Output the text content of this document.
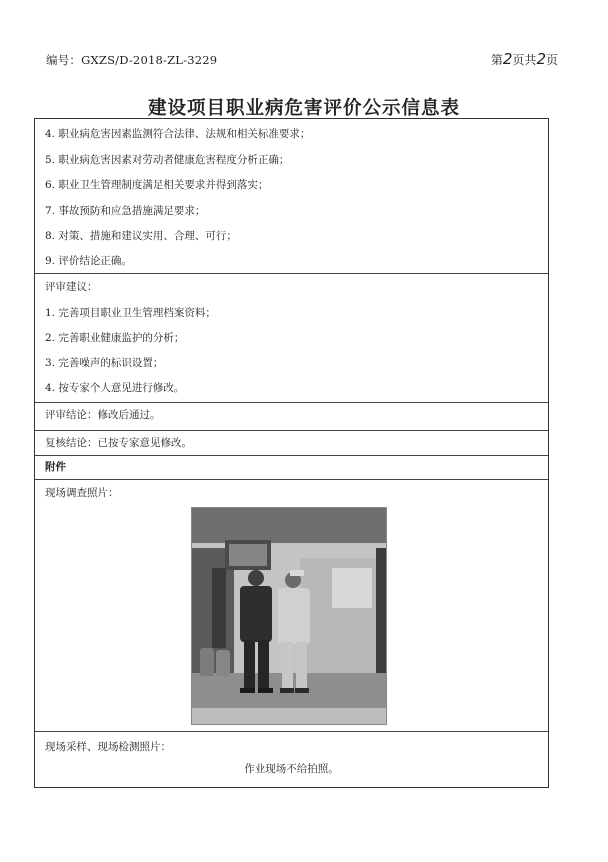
编号：GXZS/D-2018-ZL-3229	第2页共2页
建设项目职业病危害评价公示信息表
4. 职业病危害因素监测符合法律、法规和相关标准要求；
5. 职业病危害因素对劳动者健康危害程度分析正确；
6. 职业卫生管理制度满足相关要求并得到落实；
7. 事故预防和应急措施满足要求；
8. 对策、措施和建议实用、合理、可行；
9. 评价结论正确。
评审建议：
1. 完善项目职业卫生管理档案资料；
2. 完善职业健康监护的分析；
3. 完善噪声的标识设置；
4. 按专家个人意见进行修改。
评审结论：修改后通过。
复核结论：已按专家意见修改。
附件
现场调查照片：
现场采样、现场检测照片：
作业现场不给拍照。
